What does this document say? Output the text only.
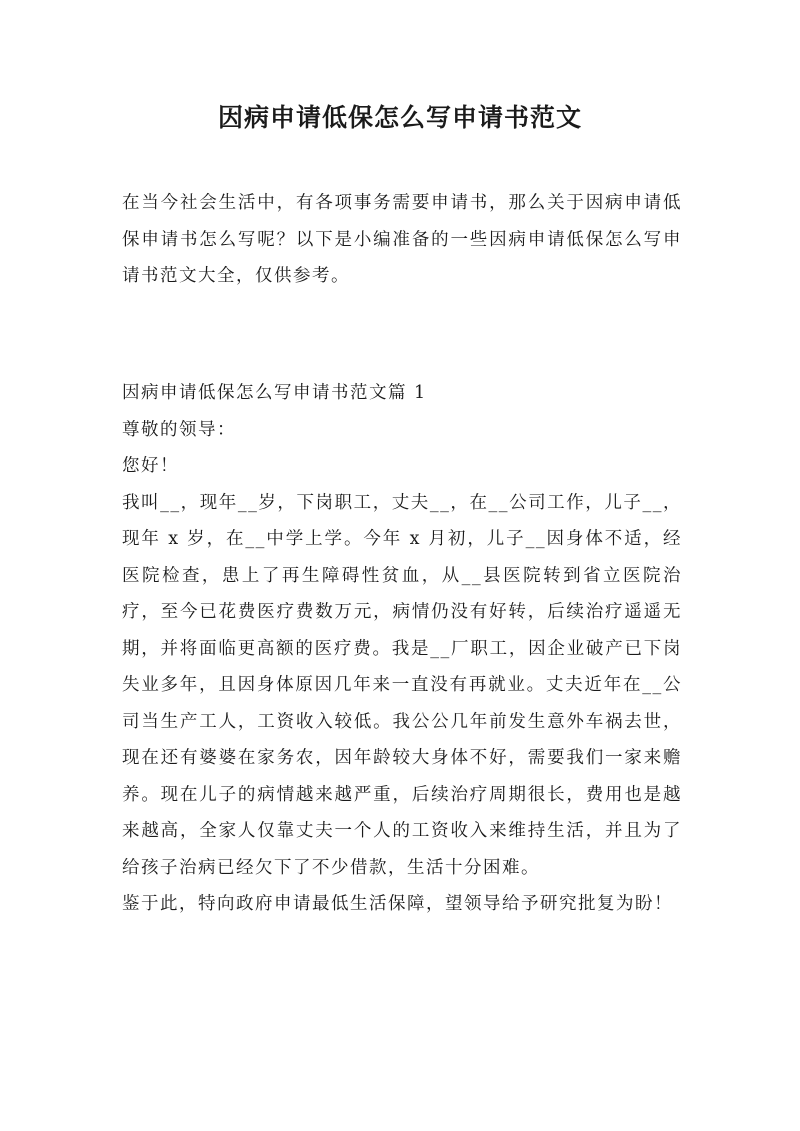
因病申请低保怎么写申请书范文

在当今社会生活中，有各项事务需要申请书，那么关于因病申请低保申请书怎么写呢？以下是小编准备的一些因病申请低保怎么写申请书范文大全，仅供参考。

因病申请低保怎么写申请书范文篇 1

尊敬的领导：

您好！

我叫__，现年__岁，下岗职工，丈夫__，在__公司工作，儿子__，现年 x 岁，在__中学上学。今年 x 月初，儿子__因身体不适，经医院检查，患上了再生障碍性贫血，从__县医院转到省立医院治疗，至今已花费医疗费数万元，病情仍没有好转，后续治疗遥遥无期，并将面临更高额的医疗费。我是__厂职工，因企业破产已下岗失业多年，且因身体原因几年来一直没有再就业。丈夫近年在__公司当生产工人，工资收入较低。我公公几年前发生意外车祸去世，现在还有婆婆在家务农，因年龄较大身体不好，需要我们一家来赡养。现在儿子的病情越来越严重，后续治疗周期很长，费用也是越来越高，全家人仅靠丈夫一个人的工资收入来维持生活，并且为了给孩子治病已经欠下了不少借款，生活十分困难。

鉴于此，特向政府申请最低生活保障，望领导给予研究批复为盼！
